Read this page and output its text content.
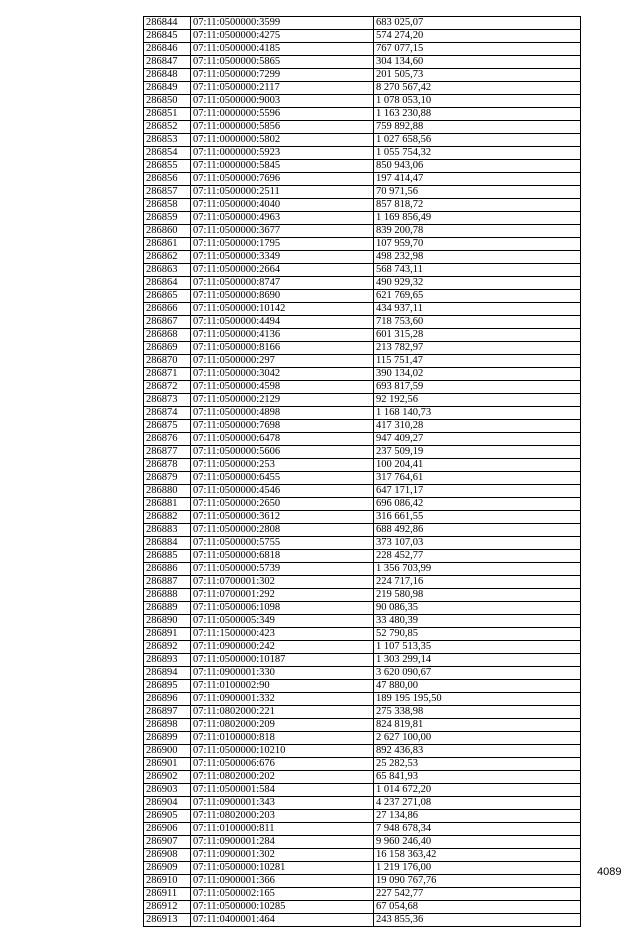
286844	07:11:0500000:3599	683 025,07
286845	07:11:0500000:4275	574 274,20
286846	07:11:0500000:4185	767 077,15
286847	07:11:0500000:5865	304 134,60
286848	07:11:0500000:7299	201 505,73
286849	07:11:0500000:2117	8 270 567,42
286850	07:11:0500000:9003	1 078 053,10
286851	07:11:0000000:5596	1 163 230,88
286852	07:11:0000000:5856	759 892,88
286853	07:11:0000000:5802	1 027 658,56
286854	07:11:0000000:5923	1 055 754,32
286855	07:11:0000000:5845	850 943,06
286856	07:11:0500000:7696	197 414,47
286857	07:11:0500000:2511	70 971,56
286858	07:11:0500000:4040	857 818,72
286859	07:11:0500000:4963	1 169 856,49
286860	07:11:0500000:3677	839 200,78
286861	07:11:0500000:1795	107 959,70
286862	07:11:0500000:3349	498 232,98
286863	07:11:0500000:2664	568 743,11
286864	07:11:0500000:8747	490 929,32
286865	07:11:0500000:8690	621 769,65
286866	07:11:0500000:10142	434 937,11
286867	07:11:0500000:4494	718 753,60
286868	07:11:0500000:4136	601 315,28
286869	07:11:0500000:8166	213 782,97
286870	07:11:0500000:297	115 751,47
286871	07:11:0500000:3042	390 134,02
286872	07:11:0500000:4598	693 817,59
286873	07:11:0500000:2129	92 192,56
286874	07:11:0500000:4898	1 168 140,73
286875	07:11:0500000:7698	417 310,28
286876	07:11:0500000:6478	947 409,27
286877	07:11:0500000:5606	237 509,19
286878	07:11:0500000:253	100 204,41
286879	07:11:0500000:6455	317 764,61
286880	07:11:0500000:4546	647 171,17
286881	07:11:0500000:2650	696 086,42
286882	07:11:0500000:3612	316 661,55
286883	07:11:0500000:2808	688 492,86
286884	07:11:0500000:5755	373 107,03
286885	07:11:0500000:6818	228 452,77
286886	07:11:0500000:5739	1 356 703,99
286887	07:11:0700001:302	224 717,16
286888	07:11:0700001:292	219 580,98
286889	07:11:0500006:1098	90 086,35
286890	07:11:0500005:349	33 480,39
286891	07:11:1500000:423	52 790,85
286892	07:11:0900000:242	1 107 513,35
286893	07:11:0500000:10187	1 303 299,14
286894	07:11:0900001:330	3 620 090,67
286895	07:11:0100002:90	47 880,00
286896	07:11:0900001:332	189 195 195,50
286897	07:11:0802000:221	275 338,98
286898	07:11:0802000:209	824 819,81
286899	07:11:0100000:818	2 627 100,00
286900	07:11:0500000:10210	892 436,83
286901	07:11:0500006:676	25 282,53
286902	07:11:0802000:202	65 841,93
286903	07:11:0500001:584	1 014 672,20
286904	07:11:0900001:343	4 237 271,08
286905	07:11:0802000:203	27 134,86
286906	07:11:0100000:811	7 948 678,34
286907	07:11:0900001:284	9 960 246,40
286908	07:11:0900001:302	16 158 363,42
286909	07:11:0500000:10281	1 219 176,00
286910	07:11:0900001:366	19 090 767,76
286911	07:11:0500002:165	227 542,77
286912	07:11:0500000:10285	67 054,68
286913	07:11:0400001:464	243 855,36
4089
